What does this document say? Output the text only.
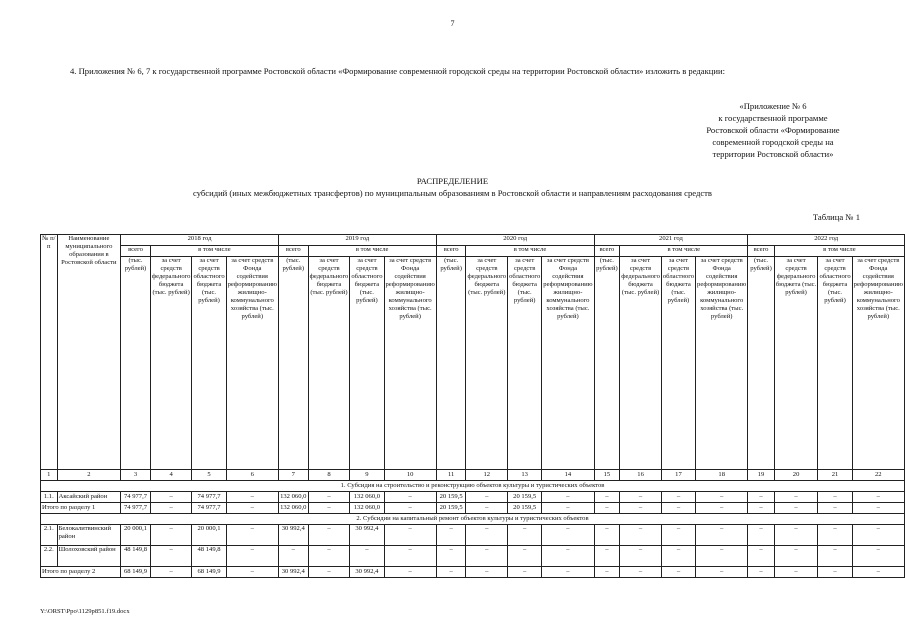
7
4. Приложения № 6, 7 к государственной программе Ростовской области «Формирование современной городской среды на территории Ростовской области» изложить в редакции:
«Приложение № 6
к государственной программе
Ростовской области «Формирование
современной городской среды на
территории Ростовской области»
РАСПРЕДЕЛЕНИЕ
субсидий (иных межбюджетных трансфертов) по муниципальным образованиям в Ростовской области и направлениям расходования средств
Таблица № 1
№ п/п	Наименование муниципального образования в Ростовской области	2018 год				2019 год				2020 год				2021 год				2022 год			
		всего	в том числе			всего	в том числе			всего	в том числе			всего	в том числе			всего	в том числе		
		(тыс. рублей)	за счет средств федерального бюджета (тыс. рублей)	за счет средств областного бюджета (тыс. рублей)	за счет средств Фонда содействия реформированию жилищно-коммунального хозяйства (тыс. рублей)	(тыс. рублей)	за счет средств федерального бюджета (тыс. рублей)	за счет средств областного бюджета (тыс. рублей)	за счет средств Фонда содействия реформированию жилищно-коммунального хозяйства (тыс. рублей)	(тыс. рублей)	за счет средств федерального бюджета (тыс. рублей)	за счет средств областного бюджета (тыс. рублей)	за счет средств Фонда содействия реформированию жилищно-коммунального хозяйства (тыс. рублей)	(тыс. рублей)	за счет средств федерального бюджета (тыс. рублей)	за счет средств областного бюджета (тыс. рублей)	за счет средств Фонда содействия реформированию жилищно-коммунального хозяйства (тыс. рублей)	(тыс. рублей)	за счет средств федерального бюджета (тыс. рублей)	за счет средств областного бюджета (тыс. рублей)	за счет средств Фонда содействия реформированию жилищно-коммунального хозяйства (тыс. рублей)
1	2	3	4	5	6	7	8	9	10	11	12	13	14	15	16	17	18	19	20	21	22
1. Субсидия на строительство и реконструкцию объектов культуры и туристических объектов																					
1.1.	Аксайский район	74 977,7	–	74 977,7	–	132 060,0	–	132 060,0	–	20 159,5	–	20 159,5	–	–	–	–	–	–	–	–	–
Итого по разделу 1		74 977,7	–	74 977,7	–	132 060,0	–	132 060,0	–	20 159,5	–	20 159,5	–	–	–	–	–	–	–	–	–
2. Субсидии на капитальный ремонт объектов культуры и туристических объектов																					
2.1.	Белокалитвинский район	20 000,1	–	20 000,1	–	30 992,4	–	30 992,4	–	–	–	–	–	–	–	–	–	–	–	–	–
2.2.	Шолоховский район	48 149,8	–	48 149,8	–	–	–	–	–	–	–	–	–	–	–	–	–	–	–	–	–
Итого по разделу 2		68 149,9	–	68 149,9	–	30 992,4	–	30 992,4	–	–	–	–	–	–	–	–	–	–	–	–	–
Y:\ORST\Ppo\1129p851.f19.docx
